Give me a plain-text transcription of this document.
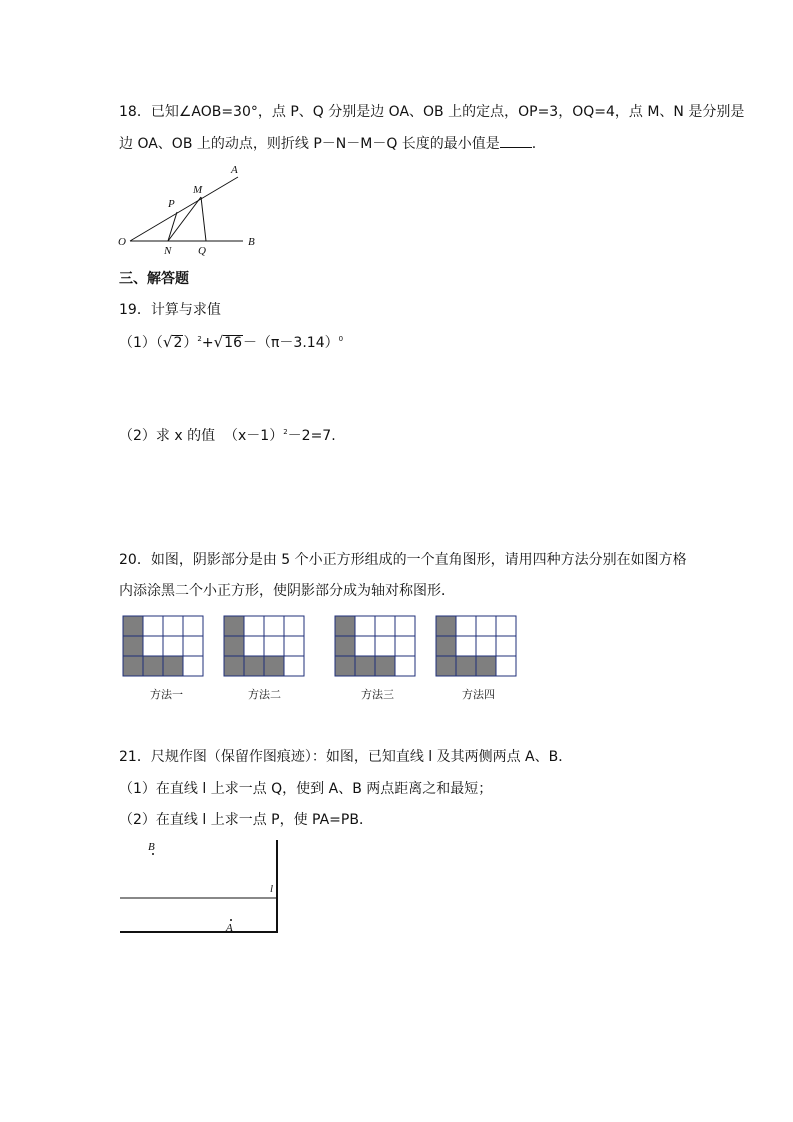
18．已知∠AOB=30°，点 P、Q 分别是边 OA、OB 上的定点，OP=3，OQ=4，点 M、N 是分别是
边 OA、OB 上的动点，则折线 P－N－M－Q 长度的最小值是 .
A
M
P
O
N Q
B
三、解答题
19．计算与求值
$(1)(√2)^2+√16-(\pi-3.14)^0$
（2）求 x 的值 $(x-1)^2-2=7$.
20．如图，阴影部分是由 5 个小正方形组成的一个直角图形，请用四种方法分别在如图方格
内添涂黑二个小正方形，使阴影部分成为轴对称图形．
方法一	方法二	方法三	方法四
21．尺规作图（保留作图痕迹）：如图，已知直线 l 及其两侧两点 A、B．
（1）在直线 l 上求一点 Q，使到 A、B 两点距离之和最短；
（2）在直线 l 上求一点 P，使 PA=PB．
B
l
A
